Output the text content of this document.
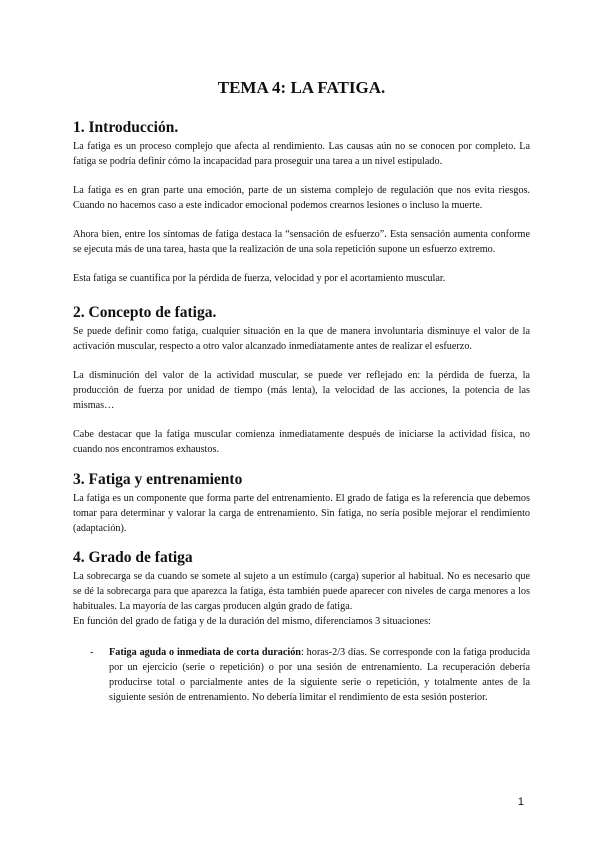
TEMA 4: LA FATIGA.
1. Introducción.

La fatiga es un proceso complejo que afecta al rendimiento. Las causas aún no se conocen por completo. La fatiga se podría definir cómo la incapacidad para proseguir una tarea a un nivel estipulado.

La fatiga es en gran parte una emoción, parte de un sistema complejo de regulación que nos evita riesgos. Cuando no hacemos caso a este indicador emocional podemos crearnos lesiones o incluso la muerte.

Ahora bien, entre los síntomas de fatiga destaca la “sensación de esfuerzo”. Esta sensación aumenta conforme se ejecuta más de una tarea, hasta que la realización de una sola repetición supone un esfuerzo extremo.

Esta fatiga se cuantifica por la pérdida de fuerza, velocidad y por el acortamiento muscular.

2. Concepto de fatiga.

Se puede definir como fatiga, cualquier situación en la que de manera involuntaria disminuye el valor de la activación muscular, respecto a otro valor alcanzado inmediatamente antes de realizar el esfuerzo.

La disminución del valor de la actividad muscular, se puede ver reflejado en: la pérdida de fuerza, la producción de fuerza por unidad de tiempo (más lenta), la velocidad de las acciones, la potencia de las mismas…

Cabe destacar que la fatiga muscular comienza inmediatamente después de iniciarse la actividad física, no cuando nos encontramos exhaustos.

3. Fatiga y entrenamiento

La fatiga es un componente que forma parte del entrenamiento. El grado de fatiga es la referencia que debemos tomar para determinar y valorar la carga de entrenamiento. Sin fatiga, no sería posible mejorar el rendimiento (adaptación).

4. Grado de fatiga

La sobrecarga se da cuando se somete al sujeto a un estímulo (carga) superior al habitual. No es necesario que se dé la sobrecarga para que aparezca la fatiga, ésta también puede aparecer con niveles de carga menores a los habituales. La mayoría de las cargas producen algún grado de fatiga.

En función del grado de fatiga y de la duración del mismo, diferenciamos 3 situaciones:

- Fatiga aguda o inmediata de corta duración: horas-2/3 días. Se corresponde con la fatiga producida por un ejercicio (serie o repetición) o por una sesión de entrenamiento. La recuperación debería producirse total o parcialmente antes de la siguiente serie o repetición, y totalmente antes de la siguiente sesión de entrenamiento. No debería limitar el rendimiento de esta sesión posterior.
1
